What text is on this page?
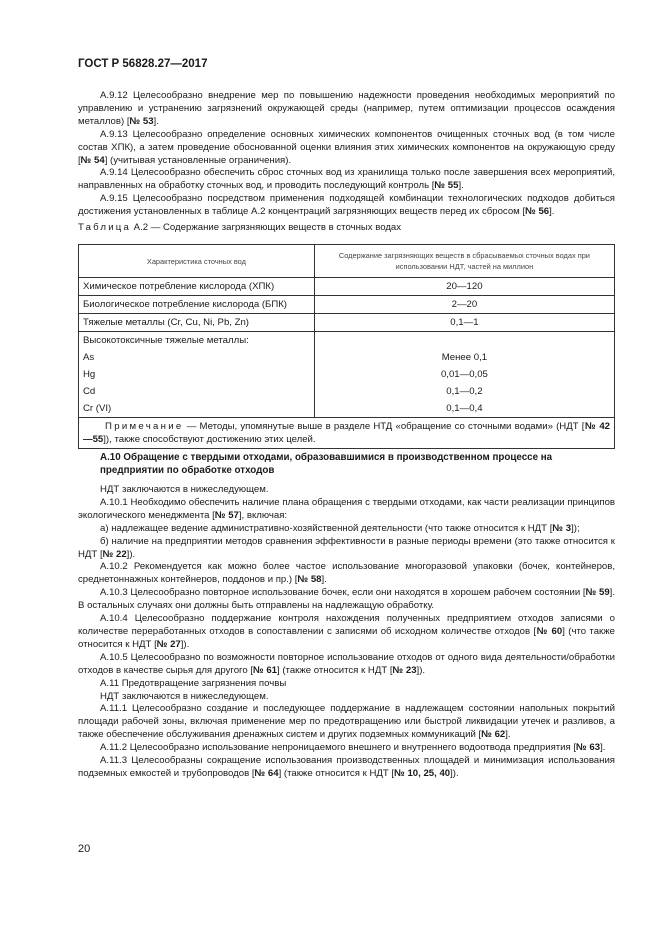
ГОСТ Р 56828.27—2017

А.9.12 Целесообразно внедрение мер по повышению надежности проведения необходимых мероприятий по управлению и устранению загрязнений окружающей среды (например, путем оптимизации процессов осаждения металлов) [№ 53].

А.9.13 Целесообразно определение основных химических компонентов очищенных сточных вод (в том числе состав ХПК), а затем проведение обоснованной оценки влияния этих химических компонентов на окружающую среду [№ 54] (учитывая установленные ограничения).

А.9.14 Целесообразно обеспечить сброс сточных вод из хранилища только после завершения всех мероприятий, направленных на обработку сточных вод, и проводить последующий контроль [№ 55].

А.9.15 Целесообразно посредством применения подходящей комбинации технологических подходов добиться достижения установленных в таблице А.2 концентраций загрязняющих веществ перед их сбросом [№ 56].

Таблица А.2 — Содержание загрязняющих веществ в сточных водах
Характеристика сточных вод	Содержание загрязняющих веществ в сбрасываемых сточных водах при использовании НДТ, частей на миллион
Химическое потребление кислорода (ХПК)	20—120
Биологическое потребление кислорода (БПК)	2—20
Тяжелые металлы (Cr, Cu, Ni, Pb, Zn)	0,1—1
Высокотоксичные тяжелые металлы:	
As	Менее 0,1
Hg	0,01—0,05
Cd	0,1—0,2
Cr (VI)	0,1—0,4
Примечание — Методы, упомянутые выше в разделе НТД «обращение со сточными водами» (НДТ [№ 42—55]), также способствуют достижению этих целей.	
А.10 Обращение с твердыми отходами, образовавшимися в производственном процессе на предприятии по обработке отходов

НДТ заключаются в нижеследующем.

А.10.1 Необходимо обеспечить наличие плана обращения с твердыми отходами, как части реализации принципов экологического менеджмента [№ 57], включая:

а) надлежащее ведение административно-хозяйственной деятельности (что также относится к НДТ [№ 3]);

б) наличие на предприятии методов сравнения эффективности в разные периоды времени (это также относится к НДТ [№ 22]).

А.10.2 Рекомендуется как можно более частое использование многоразовой упаковки (бочек, контейнеров, среднетоннажных контейнеров, поддонов и пр.) [№ 58].

А.10.3 Целесообразно повторное использование бочек, если они находятся в хорошем рабочем состоянии [№ 59]. В остальных случаях они должны быть отправлены на надлежащую обработку.

А.10.4 Целесообразно поддержание контроля нахождения полученных предприятием отходов записями о количестве переработанных отходов в сопоставлении с записями об исходном количестве отходов [№ 60] (что также относится к НДТ [№ 27]).

А.10.5 Целесообразно по возможности повторное использование отходов от одного вида деятельности/обработки отходов в качестве сырья для другого [№ 61] (также относится к НДТ [№ 23]).

А.11 Предотвращение загрязнения почвы

НДТ заключаются в нижеследующем.

А.11.1 Целесообразно создание и последующее поддержание в надлежащем состоянии напольных покрытий площади рабочей зоны, включая применение мер по предотвращению или быстрой ликвидации утечек и разливов, а также обеспечение обслуживания дренажных систем и других подземных коммуникаций [№ 62].

А.11.2 Целесообразно использование непроницаемого внешнего и внутреннего водоотвода предприятия [№ 63].

А.11.3 Целесообразны сокращение использования производственных площадей и минимизация использования подземных емкостей и трубопроводов [№ 64] (также относится к НДТ [№ 10, 25, 40]).

20
